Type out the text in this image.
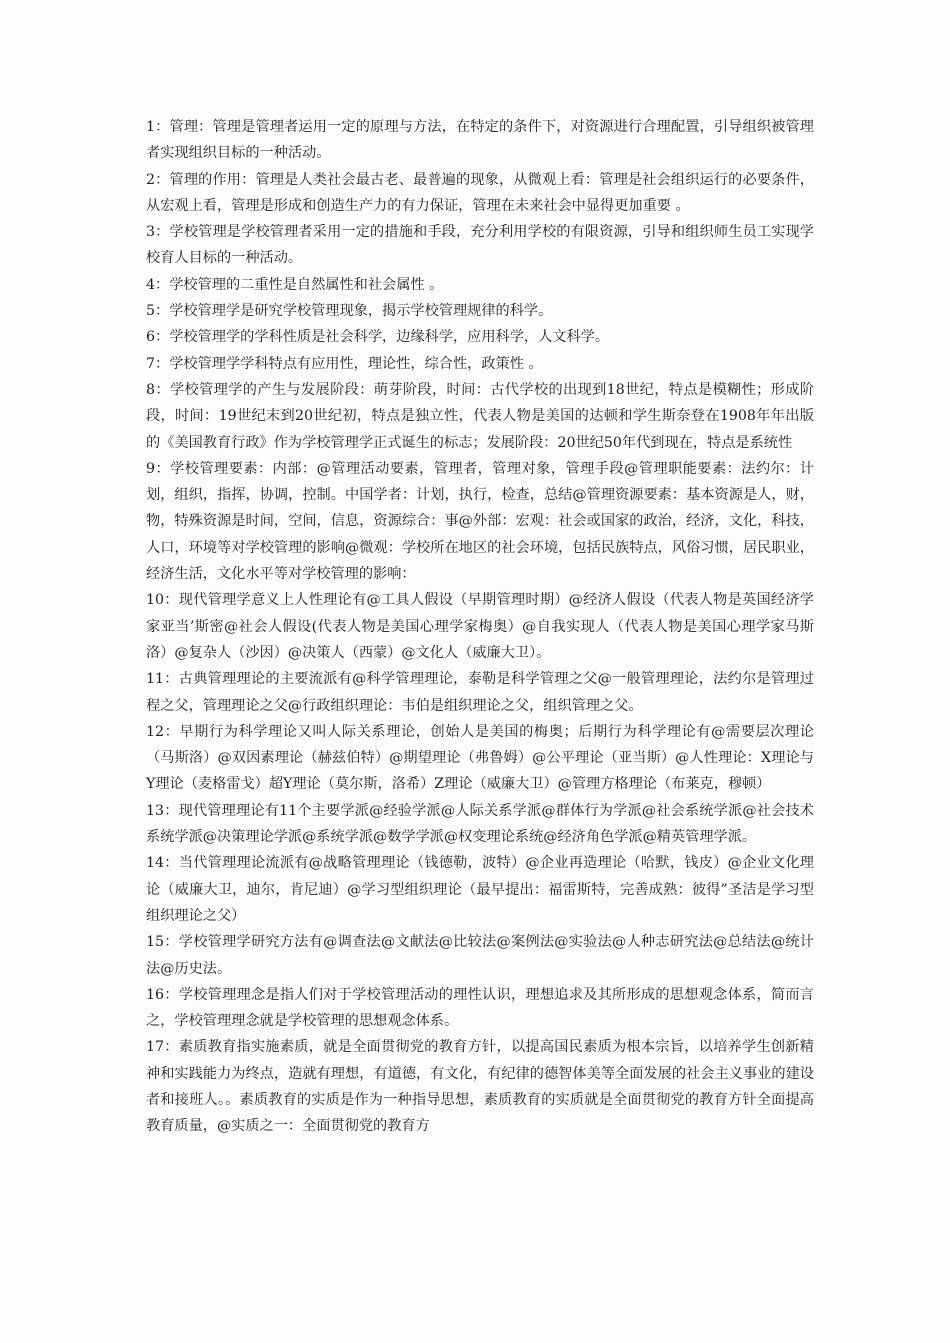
1：管理：管理是管理者运用一定的原理与方法，在特定的条件下，对资源进行合理配置，引导组织被管理者实现组织目标的一种活动。

2：管理的作用：管理是人类社会最古老、最普遍的现象，从微观上看：管理是社会组织运行的必要条件，从宏观上看，管理是形成和创造生产力的有力保证，管理在未来社会中显得更加重要 。

3：学校管理是学校管理者采用一定的措施和手段，充分利用学校的有限资源，引导和组织师生员工实现学校育人目标的一种活动。

4：学校管理的二重性是自然属性和社会属性 。

5：学校管理学是研究学校管理现象，揭示学校管理规律的科学。

6：学校管理学的学科性质是社会科学，边缘科学，应用科学，人文科学。

7：学校管理学学科特点有应用性，理论性，综合性，政策性 。

8：学校管理学的产生与发展阶段：萌芽阶段，时间：古代学校的出现到18世纪，特点是模糊性；形成阶段，时间：19世纪末到20世纪初，特点是独立性，代表人物是美国的达顿和学生斯奈登在1908年年出版的《美国教育行政》作为学校管理学正式诞生的标志；发展阶段：20世纪50年代到现在，特点是系统性

9：学校管理要素：内部：@管理活动要素，管理者，管理对象，管理手段@管理职能要素：法约尔：计划，组织，指挥，协调，控制。中国学者：计划，执行，检查，总结@管理资源要素：基本资源是人，财，物，特殊资源是时间，空间，信息，资源综合：事@外部：宏观：社会或国家的政治，经济，文化，科技，人口，环境等对学校管理的影响@微观：学校所在地区的社会环境，包括民族特点，风俗习惯，居民职业，经济生活，文化水平等对学校管理的影响：

10：现代管理学意义上人性理论有@工具人假设（早期管理时期）@经济人假设（代表人物是英国经济学家亚当’斯密@社会人假设(代表人物是美国心理学家梅奥）@自我实现人（代表人物是美国心理学家马斯洛）@复杂人（沙因）@决策人（西蒙）@文化人（威廉大卫）。

11：古典管理理论的主要流派有@科学管理理论，泰勒是科学管理之父@一般管理理论，法约尔是管理过程之父，管理理论之父@行政组织理论：韦伯是组织理论之父，组织管理之父。

12：早期行为科学理论又叫人际关系理论，创始人是美国的梅奥；后期行为科学理论有@需要层次理论（马斯洛）@双因素理论（赫兹伯特）@期望理论（弗鲁姆）@公平理论（亚当斯）@人性理论：X理论与Y理论（麦格雷戈）超Y理论（莫尔斯，洛希）Z理论（威廉大卫）@管理方格理论（布莱克，穆顿）

13：现代管理理论有11个主要学派@经验学派@人际关系学派@群体行为学派@社会系统学派@社会技术系统学派@决策理论学派@系统学派@数学学派@权变理论系统@经济角色学派@精英管理学派。

14：当代管理理论流派有@战略管理理论（钱德勒，波特）@企业再造理论（哈默，钱皮）@企业文化理论（威廉大卫，迪尔，肯尼迪）@学习型组织理论（最早提出：福雷斯特，完善成熟：彼得”圣洁是学习型组织理论之父）

15：学校管理学研究方法有@调查法@文献法@比较法@案例法@实验法@人种志研究法@总结法@统计法@历史法。

16：学校管理理念是指人们对于学校管理活动的理性认识，理想追求及其所形成的思想观念体系，简而言之，学校管理理念就是学校管理的思想观念体系。

17：素质教育指实施素质，就是全面贯彻党的教育方针，以提高国民素质为根本宗旨，以培养学生创新精神和实践能力为终点，造就有理想，有道德，有文化，有纪律的德智体美等全面发展的社会主义事业的建设者和接班人。。素质教育的实质是作为一种指导思想，素质教育的实质就是全面贯彻党的教育方针全面提高教育质量，@实质之一：全面贯彻党的教育方
